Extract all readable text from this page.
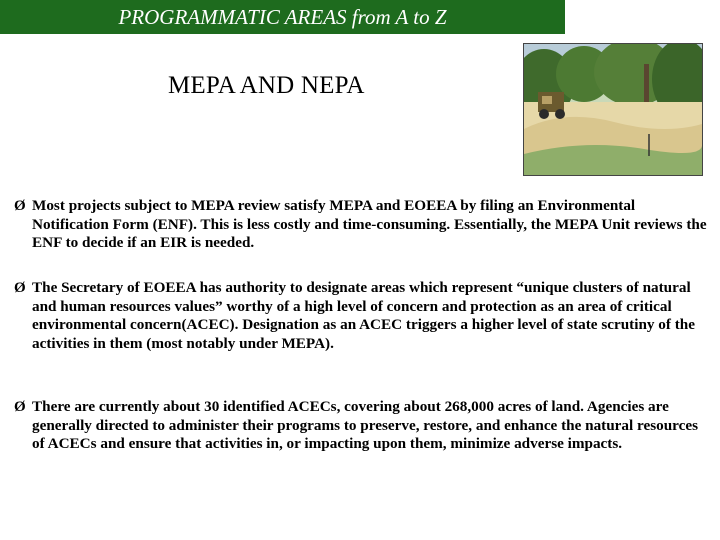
PROGRAMMATIC AREAS from A to Z
MEPA AND NEPA
Ø Most projects subject to MEPA review satisfy MEPA and EOEEA by filing an Environmental Notification Form (ENF). This is less costly and time-consuming. Essentially, the MEPA Unit reviews the ENF to decide if an EIR is needed.
Ø The Secretary of EOEEA has authority to designate areas which represent “unique clusters of natural and human resources values” worthy of a high level of concern and protection as an area of critical environmental concern(ACEC). Designation as an ACEC triggers a higher level of state scrutiny of the activities in them (most notably under MEPA).
Ø There are currently about 30 identified ACECs, covering about 268,000 acres of land. Agencies are generally directed to administer their programs to preserve, restore, and enhance the natural resources of ACECs and ensure that activities in, or impacting upon them, minimize adverse impacts.
